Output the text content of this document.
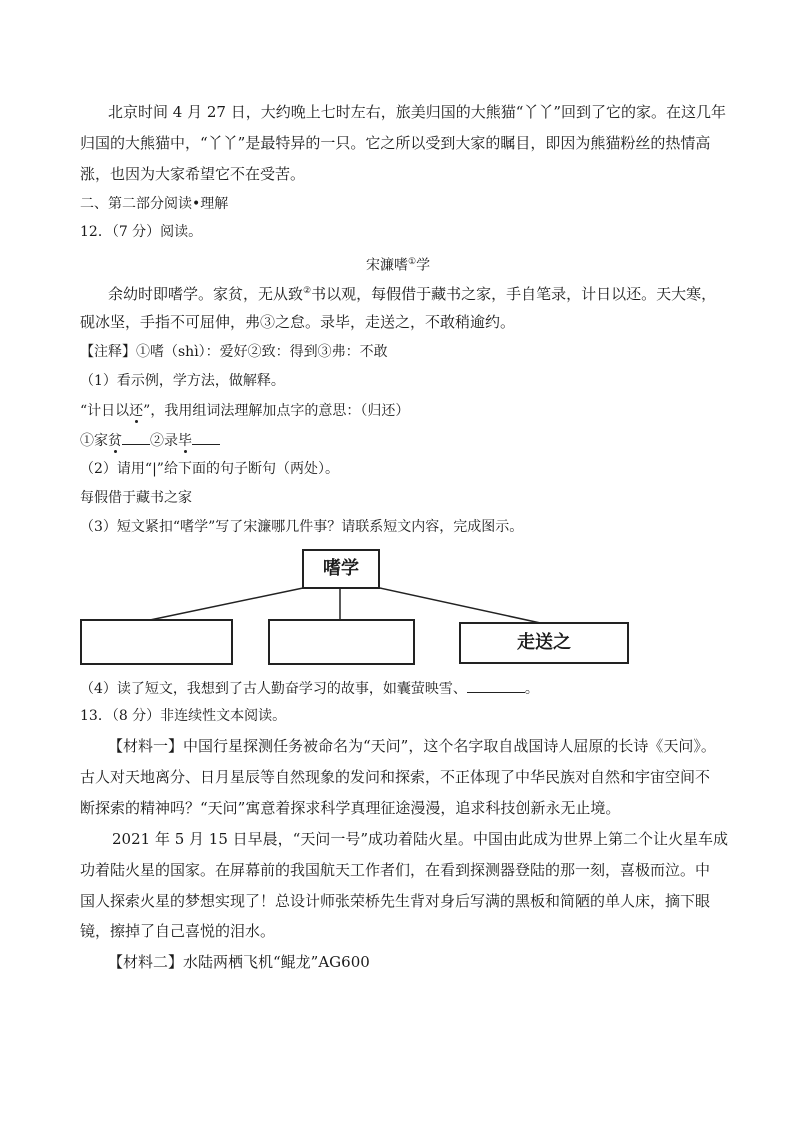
北京时间 4 月 27 日，大约晚上七时左右，旅美归国的大熊猫“丫丫”回到了它的家。在这几年
归国的大熊猫中，“丫丫”是最特异的一只。它之所以受到大家的瞩目，即因为熊猫粉丝的热情高
涨，也因为大家希望它不在受苦。
二、第二部分阅读•理解
12．（7 分）阅读。
宋濂嗜①学
余幼时即嗜学。家贫，无从致②书以观，每假借于藏书之家，手自笔录，计日以还。天大寒，
砚冰坚，手指不可屈伸，弗③之怠。录毕，走送之，不敢稍逾约。
【注释】①嗜（shì）：爱好②致：得到③弗：不敢
（1）看示例，学方法，做解释。
“计日以还”，我用组词法理解加点字的意思：（归还）
①家贫 ②录毕
（2）请用“|”给下面的句子断句（两处）。
每假借于藏书之家
（3）短文紧扣“嗜学”写了宋濂哪几件事？请联系短文内容，完成图示。
嗜学
走送之
（4）读了短文，我想到了古人勤奋学习的故事，如囊萤映雪、	。
13．（8 分）非连续性文本阅读。
【材料一】中国行星探测任务被命名为“天问”，这个名字取自战国诗人屈原的长诗《天问》。
古人对天地离分、日月星辰等自然现象的发问和探索，不正体现了中华民族对自然和宇宙空间不
断探索的精神吗？“天问”寓意着探求科学真理征途漫漫，追求科技创新永无止境。
2021 年 5 月 15 日早晨，“天问一号”成功着陆火星。中国由此成为世界上第二个让火星车成
功着陆火星的国家。在屏幕前的我国航天工作者们，在看到探测器登陆的那一刻，喜极而泣。中
国人探索火星的梦想实现了！总设计师张荣桥先生背对身后写满的黑板和简陋的单人床，摘下眼
镜，擦掉了自己喜悦的泪水。
【材料二】水陆两栖飞机“鲲龙”AG600
